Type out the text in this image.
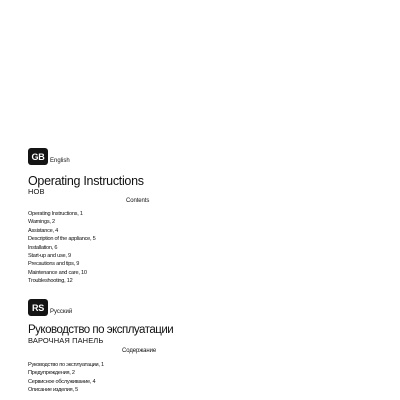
GB English
Operating Instructions
HOB
Contents
Operating Instructions, 1
Warnings, 2
Assistance, 4
Description of the appliance, 5
Installation, 6
Start-up and use, 9
Precautions and tips, 9
Maintenance and care, 10
Troubleshooting, 12
RS	Русский
Руководство по эксплуатации
ВАРОЧНАЯ ПАНЕЛЬ
Содержание
Руководство по эксплуатации, 1
Предупреждения, 2
Сервисное обслуживание, 4
Описание изделия, 5
